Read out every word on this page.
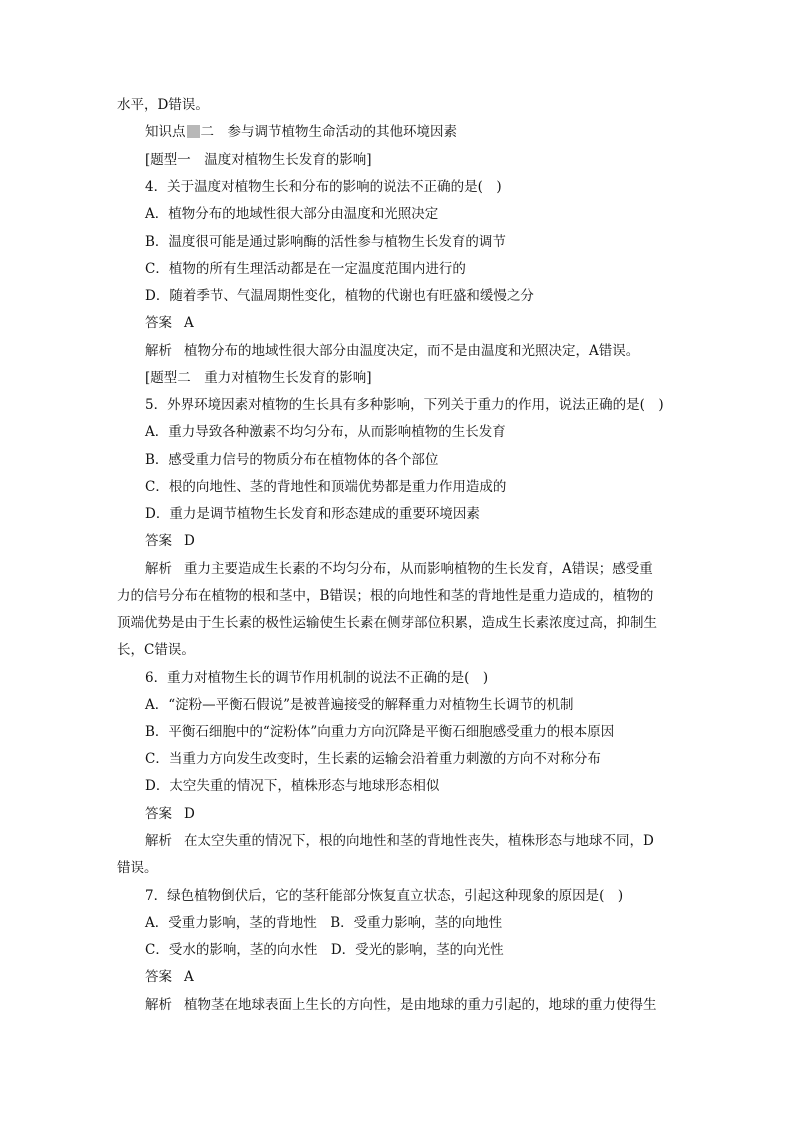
水平，D错误。
知识点 二　参与调节植物生命活动的其他环境因素
[题型一　温度对植物生长发育的影响]
4．关于温度对植物生长和分布的影响的说法不正确的是(　)
A．植物分布的地域性很大部分由温度和光照决定
B．温度很可能是通过影响酶的活性参与植物生长发育的调节
C．植物的所有生理活动都是在一定温度范围内进行的
D．随着季节、气温周期性变化，植物的代谢也有旺盛和缓慢之分
答案 A
解析 植物分布的地域性很大部分由温度决定，而不是由温度和光照决定，A错误。
[题型二　重力对植物生长发育的影响]
5．外界环境因素对植物的生长具有多种影响，下列关于重力的作用，说法正确的是(　)
A．重力导致各种激素不均匀分布，从而影响植物的生长发育
B．感受重力信号的物质分布在植物体的各个部位
C．根的向地性、茎的背地性和顶端优势都是重力作用造成的
D．重力是调节植物生长发育和形态建成的重要环境因素
答案 D
解析 重力主要造成生长素的不均匀分布，从而影响植物的生长发育，A错误；感受重
力的信号分布在植物的根和茎中，B错误；根的向地性和茎的背地性是重力造成的，植物的
顶端优势是由于生长素的极性运输使生长素在侧芽部位积累，造成生长素浓度过高，抑制生
长，C错误。
6．重力对植物生长的调节作用机制的说法不正确的是(　)
A．“淀粉—平衡石假说”是被普遍接受的解释重力对植物生长调节的机制
B．平衡石细胞中的“淀粉体”向重力方向沉降是平衡石细胞感受重力的根本原因
C．当重力方向发生改变时，生长素的运输会沿着重力刺激的方向不对称分布
D．太空失重的情况下，植株形态与地球形态相似
答案 D
解析 在太空失重的情况下，根的向地性和茎的背地性丧失，植株形态与地球不同，D
错误。
7．绿色植物倒伏后，它的茎秆能部分恢复直立状态，引起这种现象的原因是(　)
A．受重力影响，茎的背地性　B．受重力影响，茎的向地性
C．受水的影响，茎的向水性　D．受光的影响，茎的向光性
答案 A
解析 植物茎在地球表面上生长的方向性，是由地球的重力引起的，地球的重力使得生
